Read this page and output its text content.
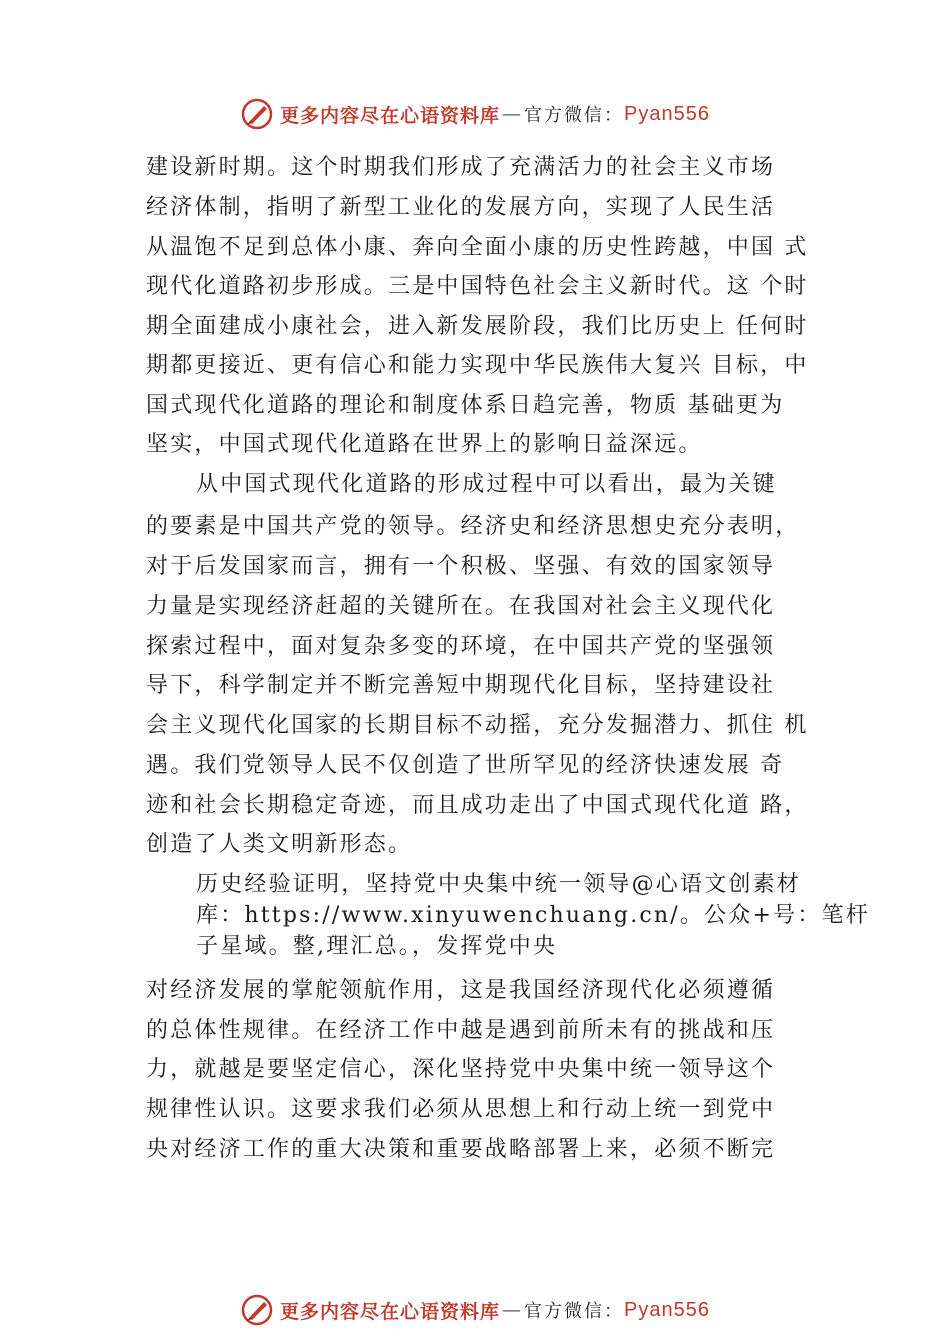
更多内容尽在心语资料库 — 官方微信： Pyan556
建设新时期。这个时期我们形成了充满活力的社会主义市场
经济体制，指明了新型工业化的发展方向，实现了人民生活
从温饱不足到总体小康、奔向全面小康的历史性跨越，中国 式
现代化道路初步形成。三是中国特色社会主义新时代。这 个时
期全面建成小康社会，进入新发展阶段，我们比历史上 任何时
期都更接近、更有信心和能力实现中华民族伟大复兴 目标，中
国式现代化道路的理论和制度体系日趋完善，物质 基础更为
坚实，中国式现代化道路在世界上的影响日益深远。
从中国式现代化道路的形成过程中可以看出，最为关键
的要素是中国共产党的领导。经济史和经济思想史充分表明，
对于后发国家而言，拥有一个积极、坚强、有效的国家领导
力量是实现经济赶超的关键所在。在我国对社会主义现代化
探索过程中，面对复杂多变的环境，在中国共产党的坚强领
导下，科学制定并不断完善短中期现代化目标，坚持建设社
会主义现代化国家的长期目标不动摇，充分发掘潜力、抓住 机
遇。我们党领导人民不仅创造了世所罕见的经济快速发展 奇
迹和社会长期稳定奇迹，而且成功走出了中国式现代化道 路，
创造了人类文明新形态。
历史经验证明，坚持党中央集中统一领导@心语文创素材
库：https://www.xinyuwenchuang.cn/。公众+号：笔杆
子星域。整,理汇总。，发挥党中央
对经济发展的掌舵领航作用，这是我国经济现代化必须遵循
的总体性规律。在经济工作中越是遇到前所未有的挑战和压
力，就越是要坚定信心，深化坚持党中央集中统一领导这个
规律性认识。这要求我们必须从思想上和行动上统一到党中
央对经济工作的重大决策和重要战略部署上来，必须不断完
更多内容尽在心语资料库 — 官方微信： Pyan556
